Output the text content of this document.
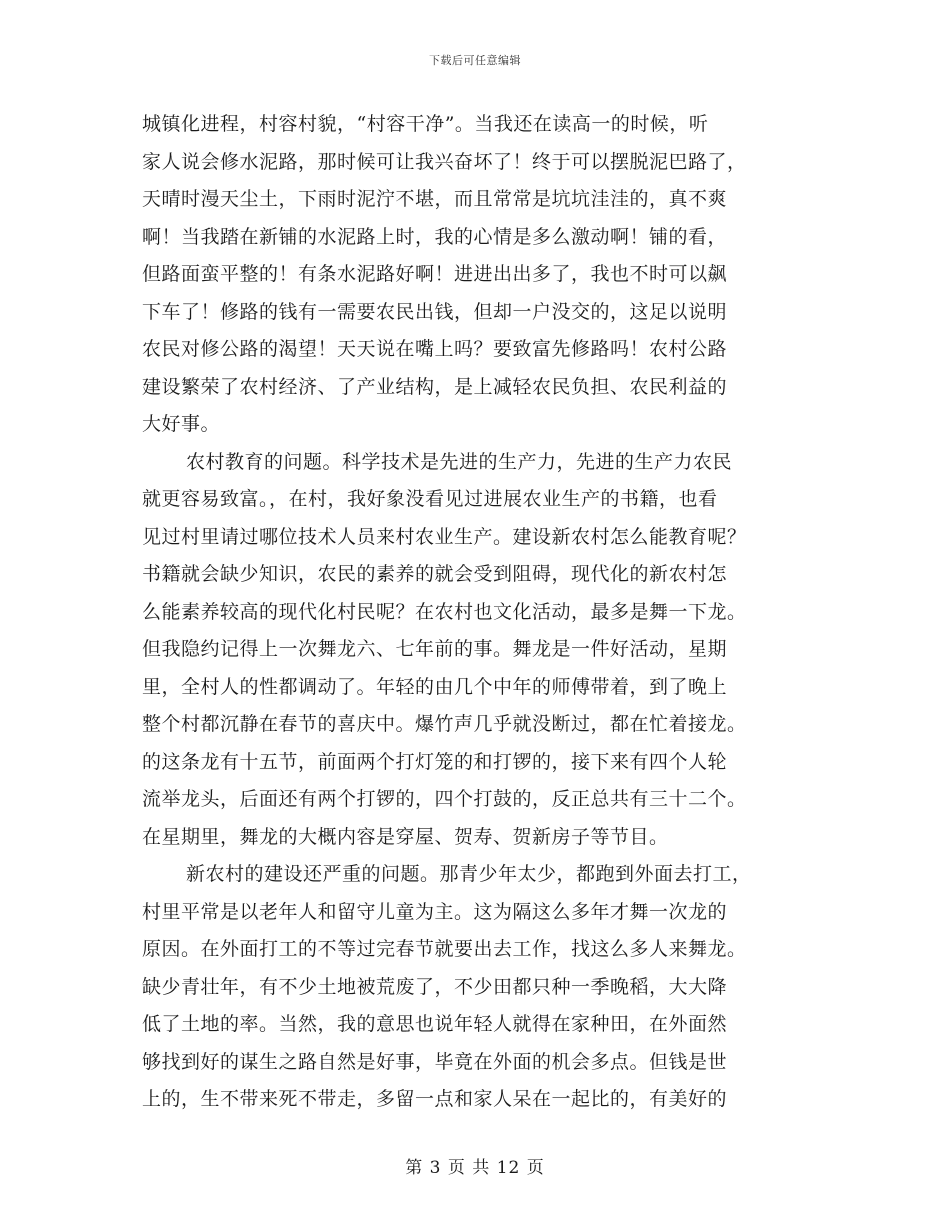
下载后可任意编辑
城镇化进程，村容村貌，“村容干净”。当我还在读高一的时候，听
家人说会修水泥路，那时候可让我兴奋坏了！终于可以摆脱泥巴路了，
天晴时漫天尘土，下雨时泥泞不堪，而且常常是坑坑洼洼的，真不爽
啊！当我踏在新铺的水泥路上时，我的心情是多么激动啊！铺的看，
但路面蛮平整的！有条水泥路好啊！进进出出多了，我也不时可以飙
下车了！修路的钱有一需要农民出钱，但却一户没交的，这足以说明
农民对修公路的渴望！天天说在嘴上吗？要致富先修路吗！农村公路
建设繁荣了农村经济、了产业结构，是上减轻农民负担、农民利益的
大好事。
农村教育的问题。科学技术是先进的生产力，先进的生产力农民
就更容易致富。，在村，我好象没看见过进展农业生产的书籍，也看
见过村里请过哪位技术人员来村农业生产。建设新农村怎么能教育呢？
书籍就会缺少知识，农民的素养的就会受到阻碍，现代化的新农村怎
么能素养较高的现代化村民呢？在农村也文化活动，最多是舞一下龙。
但我隐约记得上一次舞龙六、七年前的事。舞龙是一件好活动，星期
里，全村人的性都调动了。年轻的由几个中年的师傅带着，到了晚上
整个村都沉静在春节的喜庆中。爆竹声几乎就没断过，都在忙着接龙。
的这条龙有十五节，前面两个打灯笼的和打锣的，接下来有四个人轮
流举龙头，后面还有两个打锣的，四个打鼓的，反正总共有三十二个。
在星期里，舞龙的大概内容是穿屋、贺寿、贺新房子等节目。
新农村的建设还严重的问题。那青少年太少，都跑到外面去打工，
村里平常是以老年人和留守儿童为主。这为隔这么多年才舞一次龙的
原因。在外面打工的不等过完春节就要出去工作，找这么多人来舞龙。
缺少青壮年，有不少土地被荒废了，不少田都只种一季晚稻，大大降
低了土地的率。当然，我的意思也说年轻人就得在家种田，在外面然
够找到好的谋生之路自然是好事，毕竟在外面的机会多点。但钱是世
上的，生不带来死不带走，多留一点和家人呆在一起比的，有美好的
第 3 页 共 12 页
